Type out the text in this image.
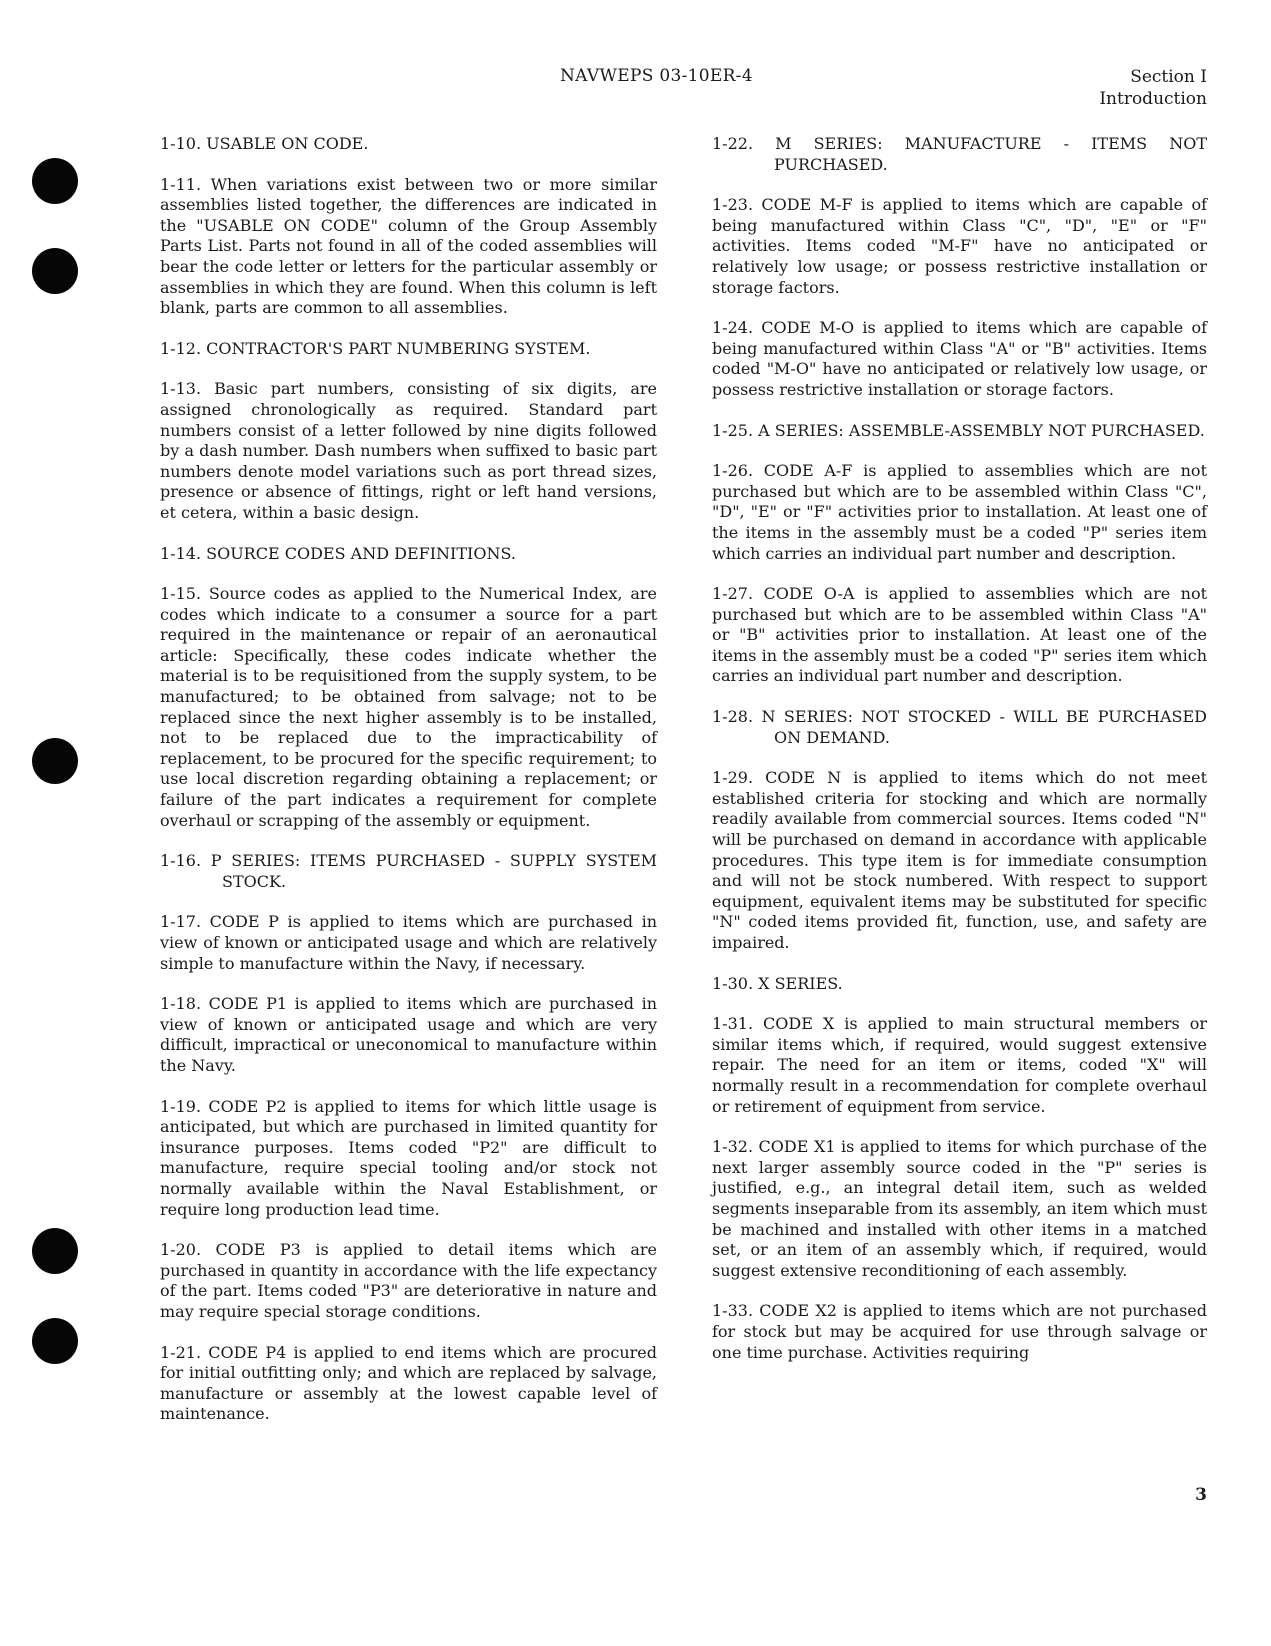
NAVWEPS 03-10ER-4	Section I
Introduction

1-10. USABLE ON CODE.

1-11. When variations exist between two or more similar assemblies listed together, the differences are indicated in the "USABLE ON CODE" column of the Group Assembly Parts List. Parts not found in all of the coded assemblies will bear the code letter or letters for the particular assembly or assemblies in which they are found. When this column is left blank, parts are common to all assemblies.

1-12. CONTRACTOR'S PART NUMBERING SYSTEM.

1-13. Basic part numbers, consisting of six digits, are assigned chronologically as required. Standard part numbers consist of a letter followed by nine digits followed by a dash number. Dash numbers when suffixed to basic part numbers denote model variations such as port thread sizes, presence or absence of fittings, right or left hand versions, et cetera, within a basic design.

1-14. SOURCE CODES AND DEFINITIONS.

1-15. Source codes as applied to the Numerical Index, are codes which indicate to a consumer a source for a part required in the maintenance or repair of an aeronautical article: Specifically, these codes indicate whether the material is to be requisitioned from the supply system, to be manufactured; to be obtained from salvage; not to be replaced since the next higher assembly is to be installed, not to be replaced due to the impracticability of replacement, to be procured for the specific requirement; to use local discretion regarding obtaining a replacement; or failure of the part indicates a requirement for complete overhaul or scrapping of the assembly or equipment.

1-16. P SERIES: ITEMS PURCHASED - SUPPLY SYSTEM STOCK.

1-17. CODE P is applied to items which are purchased in view of known or anticipated usage and which are relatively simple to manufacture within the Navy, if necessary.

1-18. CODE P1 is applied to items which are purchased in view of known or anticipated usage and which are very difficult, impractical or uneconomical to manufacture within the Navy.

1-19. CODE P2 is applied to items for which little usage is anticipated, but which are purchased in limited quantity for insurance purposes. Items coded "P2" are difficult to manufacture, require special tooling and/or stock not normally available within the Naval Establishment, or require long production lead time.

1-20. CODE P3 is applied to detail items which are purchased in quantity in accordance with the life expectancy of the part. Items coded "P3" are deteriorative in nature and may require special storage conditions.

1-21. CODE P4 is applied to end items which are procured for initial outfitting only; and which are replaced by salvage, manufacture or assembly at the lowest capable level of maintenance.

1-22. M SERIES: MANUFACTURE - ITEMS NOT PURCHASED.

1-23. CODE M-F is applied to items which are capable of being manufactured within Class "C", "D", "E" or "F" activities. Items coded "M-F" have no anticipated or relatively low usage; or possess restrictive installation or storage factors.

1-24. CODE M-O is applied to items which are capable of being manufactured within Class "A" or "B" activities. Items coded "M-O" have no anticipated or relatively low usage, or possess restrictive installation or storage factors.

1-25. A SERIES: ASSEMBLE-ASSEMBLY NOT PURCHASED.

1-26. CODE A-F is applied to assemblies which are not purchased but which are to be assembled within Class "C", "D", "E" or "F" activities prior to installation. At least one of the items in the assembly must be a coded "P" series item which carries an individual part number and description.

1-27. CODE O-A is applied to assemblies which are not purchased but which are to be assembled within Class "A" or "B" activities prior to installation. At least one of the items in the assembly must be a coded "P" series item which carries an individual part number and description.

1-28. N SERIES: NOT STOCKED - WILL BE PURCHASED ON DEMAND.

1-29. CODE N is applied to items which do not meet established criteria for stocking and which are normally readily available from commercial sources. Items coded "N" will be purchased on demand in accordance with applicable procedures. This type item is for immediate consumption and will not be stock numbered. With respect to support equipment, equivalent items may be substituted for specific "N" coded items provided fit, function, use, and safety are impaired.

1-30. X SERIES.

1-31. CODE X is applied to main structural members or similar items which, if required, would suggest extensive repair. The need for an item or items, coded "X" will normally result in a recommendation for complete overhaul or retirement of equipment from service.

1-32. CODE X1 is applied to items for which purchase of the next larger assembly source coded in the "P" series is justified, e.g., an integral detail item, such as welded segments inseparable from its assembly, an item which must be machined and installed with other items in a matched set, or an item of an assembly which, if required, would suggest extensive reconditioning of each assembly.

1-33. CODE X2 is applied to items which are not purchased for stock but may be acquired for use through salvage or one time purchase. Activities requiring

3
